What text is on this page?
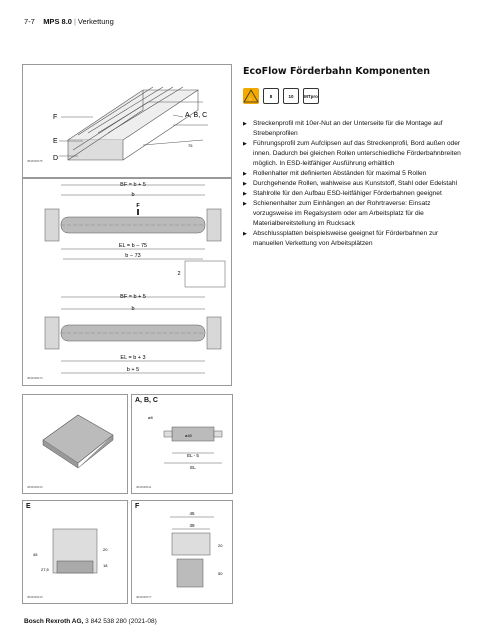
7-7 MPS 8.0 | Verkettung
F	A, B, C
E
D
75
3842548475
BF = b + 5
b
F
EL = b − 75
b − 73
2
BF = b + 5
b
EL = b + 3
b + 5
3842548474
3842548413
A, B, C
ø8
ø40
EL - 5
EL
3842548411
E
45
27,5
20
18
3842548416
F
45
39
20
50
3842548477
EcoFlow Förderbahn Komponenten
✋	8	10	MTpro
▶ Streckenprofil mit 10er-Nut an der Unterseite für die Montage auf Strebenprofilen
▶ Führungsprofil zum Aufclipsen auf das Streckenprofil, Bord außen oder innen. Dadurch bei gleichen Rollen unterschiedliche Förderbahnbreiten möglich. In ESD-leitfähiger Ausführung erhältlich
▶ Rollenhalter mit definierten Abständen für maximal 5 Rollen
▶ Durchgehende Rollen, wahlweise aus Kunststoff, Stahl oder Edelstahl
▶ Stahlrolle für den Aufbau ESD-leitfähiger Förderbahnen geeignet
▶ Schienenhalter zum Einhängen an der Rohrtraverse: Einsatz vorzugsweise im Regalsystem oder am Arbeitsplatz für die Materialbereitstellung im Rucksack
▶ Abschlussplatten beispielsweise geeignet für Förderbahnen zur manuellen Verkettung von Arbeitsplätzen
Bosch Rexroth AG, 3 842 538 280 (2021-08)
